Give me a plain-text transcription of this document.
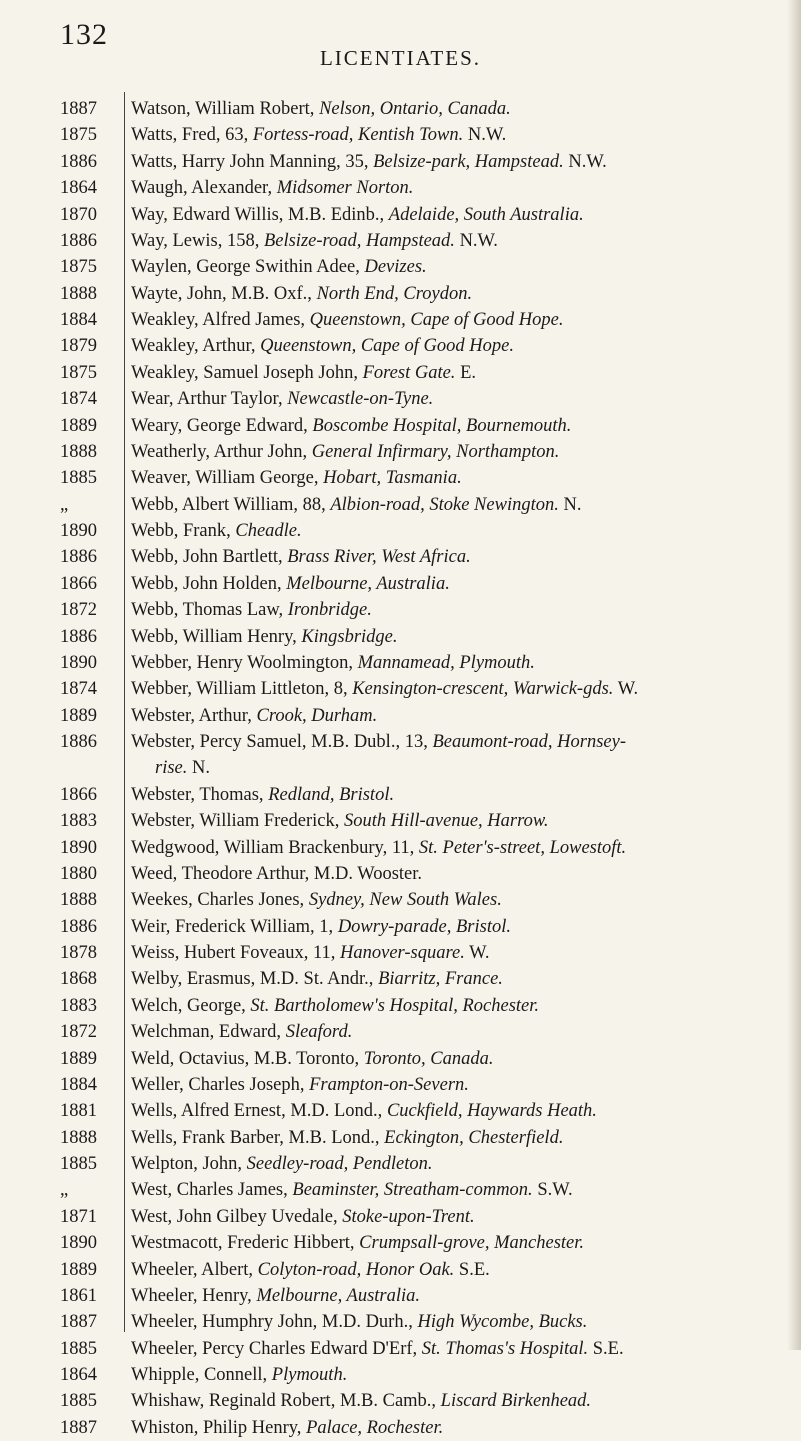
132
LICENTIATES.
1887	Watson, William Robert, Nelson, Ontario, Canada.
1875	Watts, Fred, 63, Fortess-road, Kentish Town. N.W.
1886	Watts, Harry John Manning, 35, Belsize-park, Hampstead. N.W.
1864	Waugh, Alexander, Midsomer Norton.
1870	Way, Edward Willis, M.B. Edinb., Adelaide, South Australia.
1886	Way, Lewis, 158, Belsize-road, Hampstead. N.W.
1875	Waylen, George Swithin Adee, Devizes.
1888	Wayte, John, M.B. Oxf., North End, Croydon.
1884	Weakley, Alfred James, Queenstown, Cape of Good Hope.
1879	Weakley, Arthur, Queenstown, Cape of Good Hope.
1875	Weakley, Samuel Joseph John, Forest Gate. E.
1874	Wear, Arthur Taylor, Newcastle-on-Tyne.
1889	Weary, George Edward, Boscombe Hospital, Bournemouth.
1888	Weatherly, Arthur John, General Infirmary, Northampton.
1885	Weaver, William George, Hobart, Tasmania.
„	Webb, Albert William, 88, Albion-road, Stoke Newington. N.
1890	Webb, Frank, Cheadle.
1886	Webb, John Bartlett, Brass River, West Africa.
1866	Webb, John Holden, Melbourne, Australia.
1872	Webb, Thomas Law, Ironbridge.
1886	Webb, William Henry, Kingsbridge.
1890	Webber, Henry Woolmington, Mannamead, Plymouth.
1874	Webber, William Littleton, 8, Kensington-crescent, Warwick-gds. W.
1889	Webster, Arthur, Crook, Durham.
1886	Webster, Percy Samuel, M.B. Dubl., 13, Beaumont-road, Hornsey-
rise. N.
1866	Webster, Thomas, Redland, Bristol.
1883	Webster, William Frederick, South Hill-avenue, Harrow.
1890	Wedgwood, William Brackenbury, 11, St. Peter's-street, Lowestoft.
1880	Weed, Theodore Arthur, M.D. Wooster.
1888	Weekes, Charles Jones, Sydney, New South Wales.
1886	Weir, Frederick William, 1, Dowry-parade, Bristol.
1878	Weiss, Hubert Foveaux, 11, Hanover-square. W.
1868	Welby, Erasmus, M.D. St. Andr., Biarritz, France.
1883	Welch, George, St. Bartholomew's Hospital, Rochester.
1872	Welchman, Edward, Sleaford.
1889	Weld, Octavius, M.B. Toronto, Toronto, Canada.
1884	Weller, Charles Joseph, Frampton-on-Severn.
1881	Wells, Alfred Ernest, M.D. Lond., Cuckfield, Haywards Heath.
1888	Wells, Frank Barber, M.B. Lond., Eckington, Chesterfield.
1885	Welpton, John, Seedley-road, Pendleton.
„	West, Charles James, Beaminster, Streatham-common. S.W.
1871	West, John Gilbey Uvedale, Stoke-upon-Trent.
1890	Westmacott, Frederic Hibbert, Crumpsall-grove, Manchester.
1889	Wheeler, Albert, Colyton-road, Honor Oak. S.E.
1861	Wheeler, Henry, Melbourne, Australia.
1887	Wheeler, Humphry John, M.D. Durh., High Wycombe, Bucks.
1885	Wheeler, Percy Charles Edward D'Erf, St. Thomas's Hospital. S.E.
1864	Whipple, Connell, Plymouth.
1885	Whishaw, Reginald Robert, M.B. Camb., Liscard Birkenhead.
1887	Whiston, Philip Henry, Palace, Rochester.
